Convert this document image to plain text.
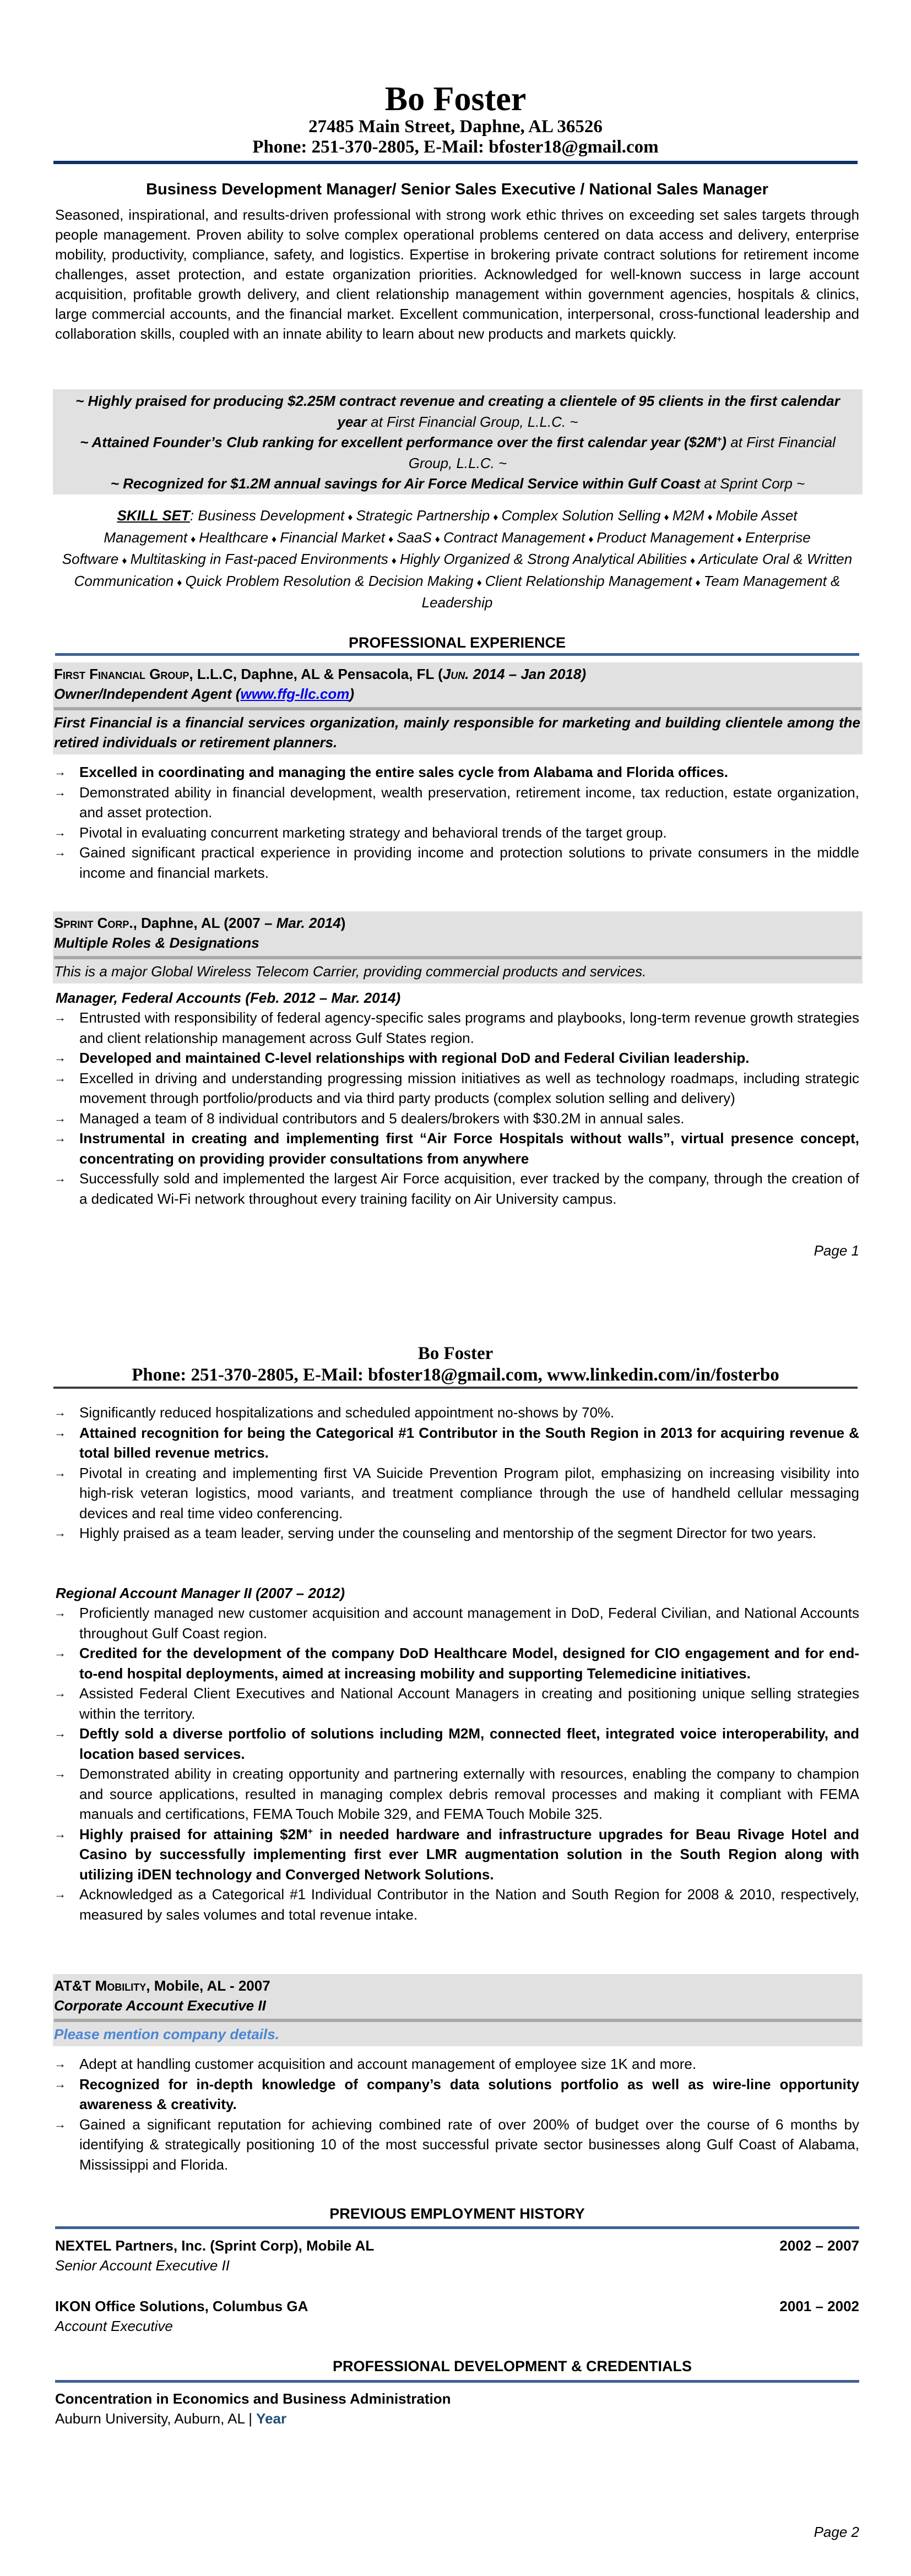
Bo Foster
27485 Main Street, Daphne, AL 36526
Phone: 251-370-2805, E-Mail: bfoster18@gmail.com
Business Development Manager/ Senior Sales Executive / National Sales Manager
Seasoned, inspirational, and results-driven professional with strong work ethic thrives on exceeding set sales targets through people management. Proven ability to solve complex operational problems centered on data access and delivery, enterprise mobility, productivity, compliance, safety, and logistics. Expertise in brokering private contract solutions for retirement income challenges, asset protection, and estate organization priorities. Acknowledged for well-known success in large account acquisition, profitable growth delivery, and client relationship management within government agencies, hospitals & clinics, large commercial accounts, and the financial market. Excellent communication, interpersonal, cross-functional leadership and collaboration skills, coupled with an innate ability to learn about new products and markets quickly.
~ Highly praised for producing $2.25M contract revenue and creating a clientele of 95 clients in the first calendar year at First Financial Group, L.L.C. ~
~ Attained Founder’s Club ranking for excellent performance over the first calendar year ($2M+) at First Financial Group, L.L.C. ~
~ Recognized for $1.2M annual savings for Air Force Medical Service within Gulf Coast at Sprint Corp ~
SKILL SET: Business Development ♦ Strategic Partnership ♦ Complex Solution Selling ♦ M2M ♦ Mobile Asset Management ♦ Healthcare ♦ Financial Market ♦ SaaS ♦ Contract Management ♦ Product Management ♦ Enterprise Software ♦ Multitasking in Fast-paced Environments ♦ Highly Organized & Strong Analytical Abilities ♦ Articulate Oral & Written Communication ♦ Quick Problem Resolution & Decision Making ♦ Client Relationship Management ♦ Team Management & Leadership
PROFESSIONAL EXPERIENCE
First Financial Group, L.L.C, Daphne, AL & Pensacola, FL (Jun. 2014 – Jan 2018)
Owner/Independent Agent (www.ffg-llc.com)
First Financial is a financial services organization, mainly responsible for marketing and building clientele among the retired individuals or retirement planners.
→ Excelled in coordinating and managing the entire sales cycle from Alabama and Florida offices.
→ Demonstrated ability in financial development, wealth preservation, retirement income, tax reduction, estate organization, and asset protection.
→ Pivotal in evaluating concurrent marketing strategy and behavioral trends of the target group.
→ Gained significant practical experience in providing income and protection solutions to private consumers in the middle income and financial markets.
Sprint Corp., Daphne, AL (2007 – Mar. 2014)
Multiple Roles & Designations
This is a major Global Wireless Telecom Carrier, providing commercial products and services.
Manager, Federal Accounts (Feb. 2012 – Mar. 2014)
→ Entrusted with responsibility of federal agency-specific sales programs and playbooks, long-term revenue growth strategies and client relationship management across Gulf States region.
→ Developed and maintained C-level relationships with regional DoD and Federal Civilian leadership.
→ Excelled in driving and understanding progressing mission initiatives as well as technology roadmaps, including strategic movement through portfolio/products and via third party products (complex solution selling and delivery)
→ Managed a team of 8 individual contributors and 5 dealers/brokers with $30.2M in annual sales.
→ Instrumental in creating and implementing first “Air Force Hospitals without walls”, virtual presence concept, concentrating on providing provider consultations from anywhere
→ Successfully sold and implemented the largest Air Force acquisition, ever tracked by the company, through the creation of a dedicated Wi-Fi network throughout every training facility on Air University campus.
Page 1
Bo Foster
Phone: 251-370-2805, E-Mail: bfoster18@gmail.com, www.linkedin.com/in/fosterbo
→ Significantly reduced hospitalizations and scheduled appointment no-shows by 70%.
→ Attained recognition for being the Categorical #1 Contributor in the South Region in 2013 for acquiring revenue & total billed revenue metrics.
→ Pivotal in creating and implementing first VA Suicide Prevention Program pilot, emphasizing on increasing visibility into high-risk veteran logistics, mood variants, and treatment compliance through the use of handheld cellular messaging devices and real time video conferencing.
→ Highly praised as a team leader, serving under the counseling and mentorship of the segment Director for two years.
Regional Account Manager II (2007 – 2012)
→ Proficiently managed new customer acquisition and account management in DoD, Federal Civilian, and National Accounts throughout Gulf Coast region.
→ Credited for the development of the company DoD Healthcare Model, designed for CIO engagement and for end-to-end hospital deployments, aimed at increasing mobility and supporting Telemedicine initiatives.
→ Assisted Federal Client Executives and National Account Managers in creating and positioning unique selling strategies within the territory.
→ Deftly sold a diverse portfolio of solutions including M2M, connected fleet, integrated voice interoperability, and location based services.
→ Demonstrated ability in creating opportunity and partnering externally with resources, enabling the company to champion and source applications, resulted in managing complex debris removal processes and making it compliant with FEMA manuals and certifications, FEMA Touch Mobile 329, and FEMA Touch Mobile 325.
→ Highly praised for attaining $2M+ in needed hardware and infrastructure upgrades for Beau Rivage Hotel and Casino by successfully implementing first ever LMR augmentation solution in the South Region along with utilizing iDEN technology and Converged Network Solutions.
→ Acknowledged as a Categorical #1 Individual Contributor in the Nation and South Region for 2008 & 2010, respectively, measured by sales volumes and total revenue intake.
AT&T Mobility, Mobile, AL - 2007
Corporate Account Executive II
Please mention company details.
→ Adept at handling customer acquisition and account management of employee size 1K and more.
→ Recognized for in-depth knowledge of company’s data solutions portfolio as well as wire-line opportunity awareness & creativity.
→ Gained a significant reputation for achieving combined rate of over 200% of budget over the course of 6 months by identifying & strategically positioning 10 of the most successful private sector businesses along Gulf Coast of Alabama, Mississippi and Florida.
PREVIOUS EMPLOYMENT HISTORY
NEXTEL Partners, Inc. (Sprint Corp), Mobile AL	2002 – 2007
Senior Account Executive II
IKON Office Solutions, Columbus GA	2001 – 2002
Account Executive
PROFESSIONAL DEVELOPMENT & CREDENTIALS
Concentration in Economics and Business Administration
Auburn University, Auburn, AL | Year
Page 2
